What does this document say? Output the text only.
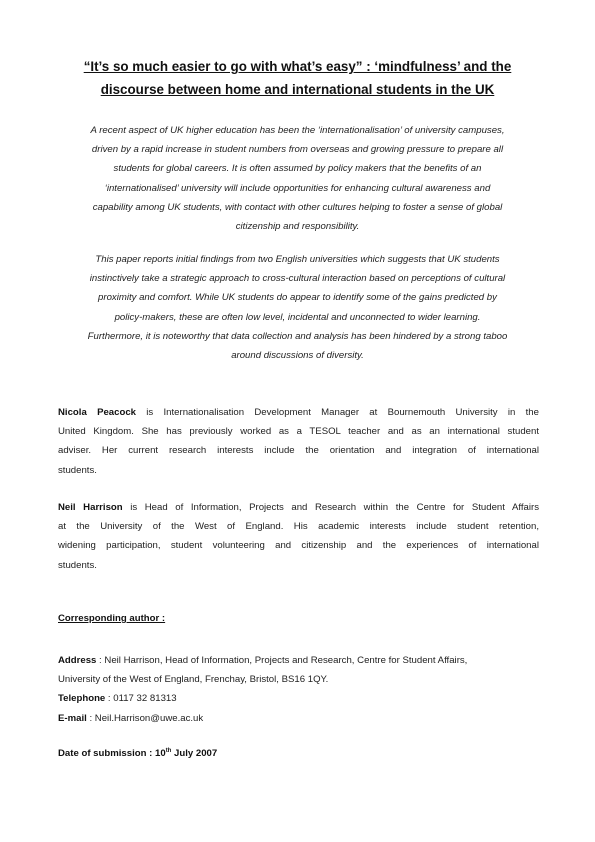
“It’s so much easier to go with what’s easy” : ‘mindfulness’ and the
discourse between home and international students in the UK
A recent aspect of UK higher education has been the ‘internationalisation’ of university campuses,
driven by a rapid increase in student numbers from overseas and growing pressure to prepare all
students for global careers. It is often assumed by policy makers that the benefits of an
‘internationalised’ university will include opportunities for enhancing cultural awareness and
capability among UK students, with contact with other cultures helping to foster a sense of global
citizenship and responsibility.
This paper reports initial findings from two English universities which suggests that UK students
instinctively take a strategic approach to cross-cultural interaction based on perceptions of cultural
proximity and comfort. While UK students do appear to identify some of the gains predicted by
policy-makers, these are often low level, incidental and unconnected to wider learning.
Furthermore, it is noteworthy that data collection and analysis has been hindered by a strong taboo
around discussions of diversity.
Nicola Peacock is Internationalisation Development Manager at Bournemouth University in the
United Kingdom. She has previously worked as a TESOL teacher and as an international student
adviser. Her current research interests include the orientation and integration of international
students.
Neil Harrison is Head of Information, Projects and Research within the Centre for Student Affairs
at the University of the West of England. His academic interests include student retention,
widening participation, student volunteering and citizenship and the experiences of international
students.
Corresponding author :
Address : Neil Harrison, Head of Information, Projects and Research, Centre for Student Affairs,
University of the West of England, Frenchay, Bristol, BS16 1QY.
Telephone : 0117 32 81313
E-mail : Neil.Harrison@uwe.ac.uk
Date of submission : 10th July 2007
